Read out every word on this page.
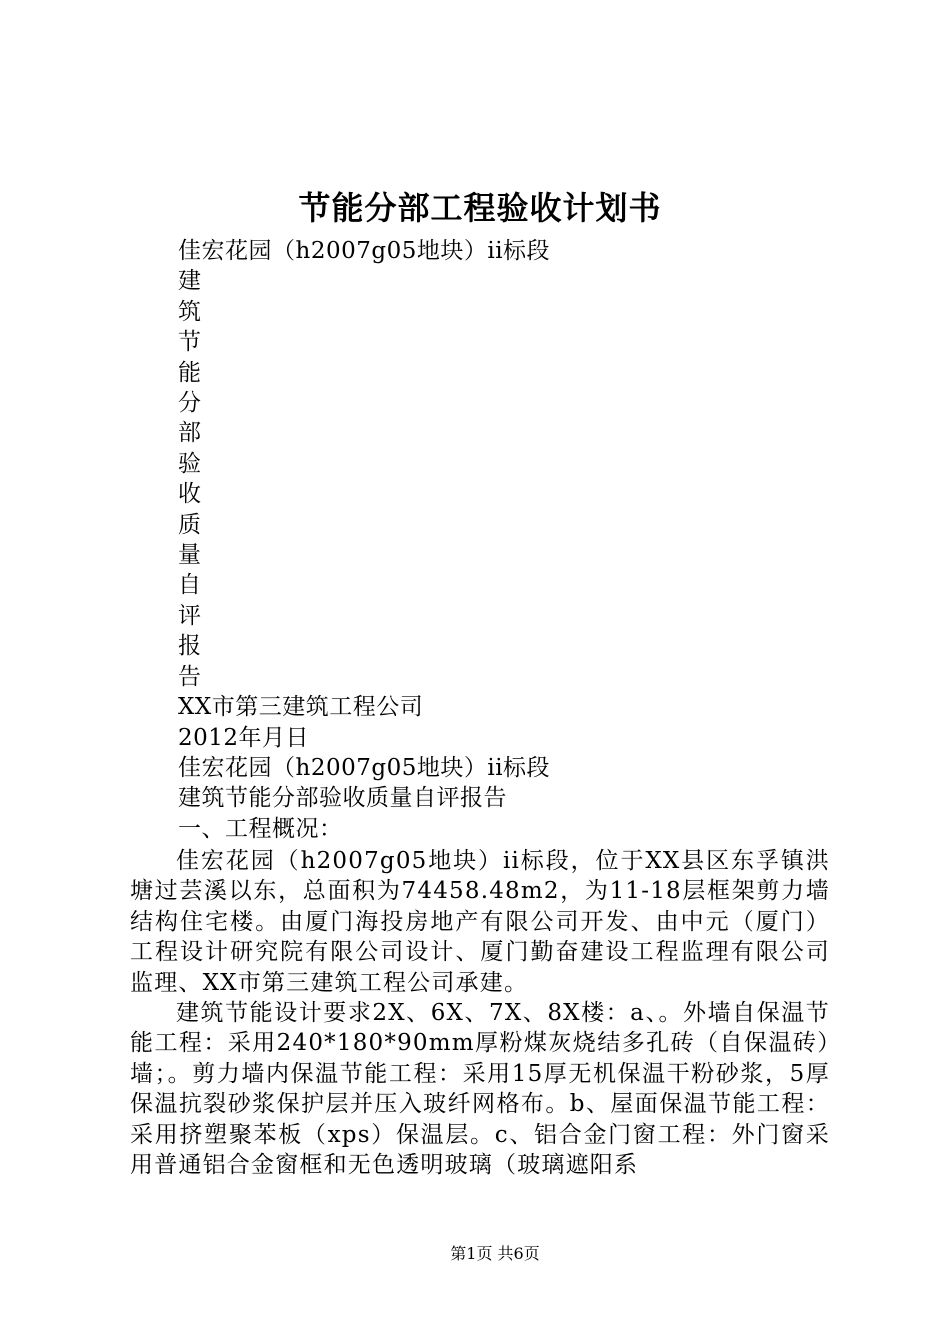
节能分部工程验收计划书
佳宏花园（h2007g05地块）ii标段
建
筑
节
能
分
部
验
收
质
量
自
评
报
告
XX市第三建筑工程公司
2012年月日
佳宏花园（h2007g05地块）ii标段
建筑节能分部验收质量自评报告
一、工程概况：

佳宏花园（h2007g05地块）ii标段，位于XX县区东孚镇洪塘过芸溪以东，总面积为74458.48m2，为11-18层框架剪力墙结构住宅楼。由厦门海投房地产有限公司开发、由中元（厦门）工程设计研究院有限公司设计、厦门勤奋建设工程监理有限公司监理、XX市第三建筑工程公司承建。

建筑节能设计要求2X、6X、7X、8X楼：a、。外墙自保温节能工程：采用240*180*90mm厚粉煤灰烧结多孔砖（自保温砖）墙；。剪力墙内保温节能工程：采用15厚无机保温干粉砂浆，5厚保温抗裂砂浆保护层并压入玻纤网格布。b、屋面保温节能工程：采用挤塑聚苯板（xps）保温层。c、铝合金门窗工程：外门窗采用普通铝合金窗框和无色透明玻璃（玻璃遮阳系

第1页 共6页
